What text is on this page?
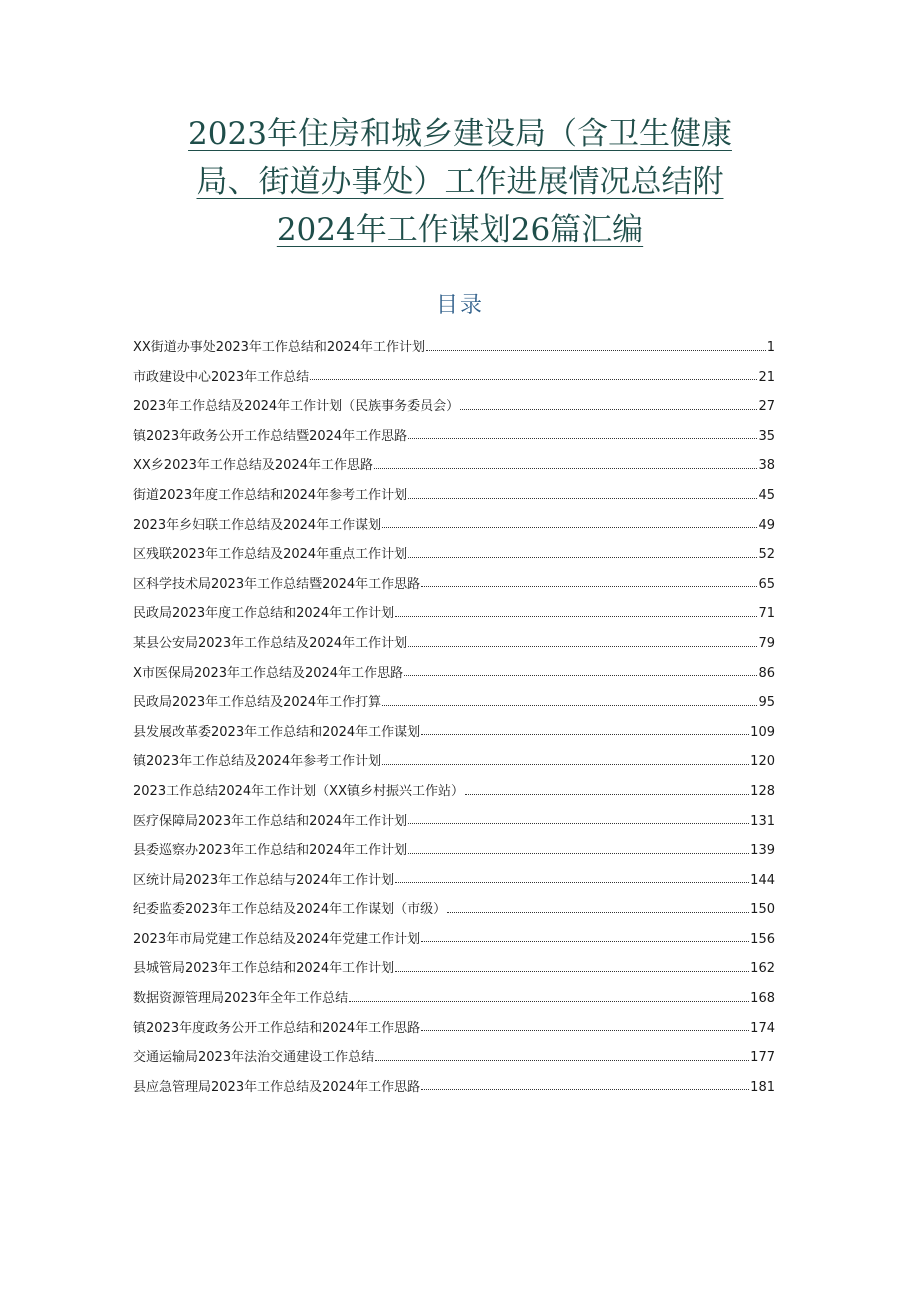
2023年住房和城乡建设局（含卫生健康
局、街道办事处）工作进展情况总结附
2024年工作谋划26篇汇编
目录
XX街道办事处2023年工作总结和2024年工作计划	1
市政建设中心2023年工作总结	21
2023年工作总结及2024年工作计划（民族事务委员会）	27
镇2023年政务公开工作总结暨2024年工作思路	35
XX乡2023年工作总结及2024年工作思路	38
街道2023年度工作总结和2024年参考工作计划	45
2023年乡妇联工作总结及2024年工作谋划	49
区残联2023年工作总结及2024年重点工作计划	52
区科学技术局2023年工作总结暨2024年工作思路	65
民政局2023年度工作总结和2024年工作计划	71
某县公安局2023年工作总结及2024年工作计划	79
X市医保局2023年工作总结及2024年工作思路	86
民政局2023年工作总结及2024年工作打算	95
县发展改革委2023年工作总结和2024年工作谋划	109
镇2023年工作总结及2024年参考工作计划	120
2023工作总结2024年工作计划（XX镇乡村振兴工作站）	128
医疗保障局2023年工作总结和2024年工作计划	131
县委巡察办2023年工作总结和2024年工作计划	139
区统计局2023年工作总结与2024年工作计划	144
纪委监委2023年工作总结及2024年工作谋划（市级）	150
2023年市局党建工作总结及2024年党建工作计划	156
县城管局2023年工作总结和2024年工作计划	162
数据资源管理局2023年全年工作总结	168
镇2023年度政务公开工作总结和2024年工作思路	174
交通运输局2023年法治交通建设工作总结	177
县应急管理局2023年工作总结及2024年工作思路	181
